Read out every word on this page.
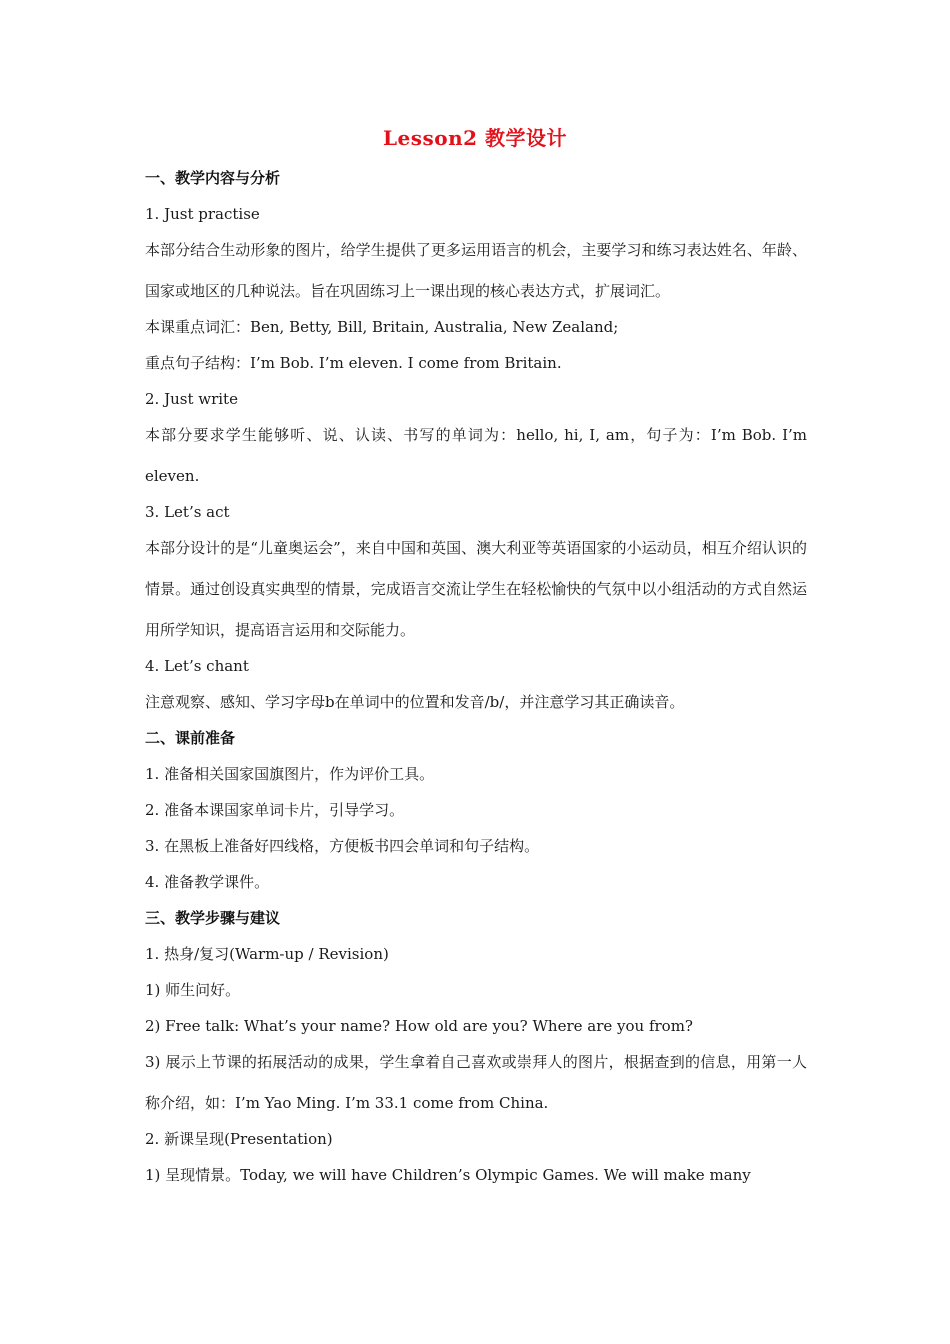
Lesson2 教学设计
一、教学内容与分析
1. Just practise
本部分结合生动形象的图片，给学生提供了更多运用语言的机会，主要学习和练习表达姓名、年龄、国家或地区的几种说法。旨在巩固练习上一课出现的核心表达方式，扩展词汇。
本课重点词汇：Ben, Betty, Bill, Britain, Australia, New Zealand;
重点句子结构：I’m Bob. I’m eleven. I come from Britain.
2. Just write
本部分要求学生能够听、说、认读、书写的单词为：hello, hi, I, am，句子为：I’m Bob. I’m eleven.
3. Let’s act
本部分设计的是“儿童奥运会”，来自中国和英国、澳大利亚等英语国家的小运动员，相互介绍认识的情景。通过创设真实典型的情景，完成语言交流让学生在轻松愉快的气氛中以小组活动的方式自然运用所学知识，提高语言运用和交际能力。
4. Let’s chant
注意观察、感知、学习字母b在单词中的位置和发音/b/，并注意学习其正确读音。
二、课前准备
1. 准备相关国家国旗图片，作为评价工具。
2. 准备本课国家单词卡片，引导学习。
3. 在黑板上准备好四线格，方便板书四会单词和句子结构。
4. 准备教学课件。
三、教学步骤与建议
1. 热身/复习(Warm-up / Revision)
1) 师生问好。
2) Free talk: What’s your name? How old are you? Where are you from?
3) 展示上节课的拓展活动的成果，学生拿着自己喜欢或崇拜人的图片，根据查到的信息，用第一人称介绍，如：I’m Yao Ming. I’m 33.1 come from China.
2. 新课呈现(Presentation)
1) 呈现情景。Today, we will have Children’s Olympic Games. We will make many
